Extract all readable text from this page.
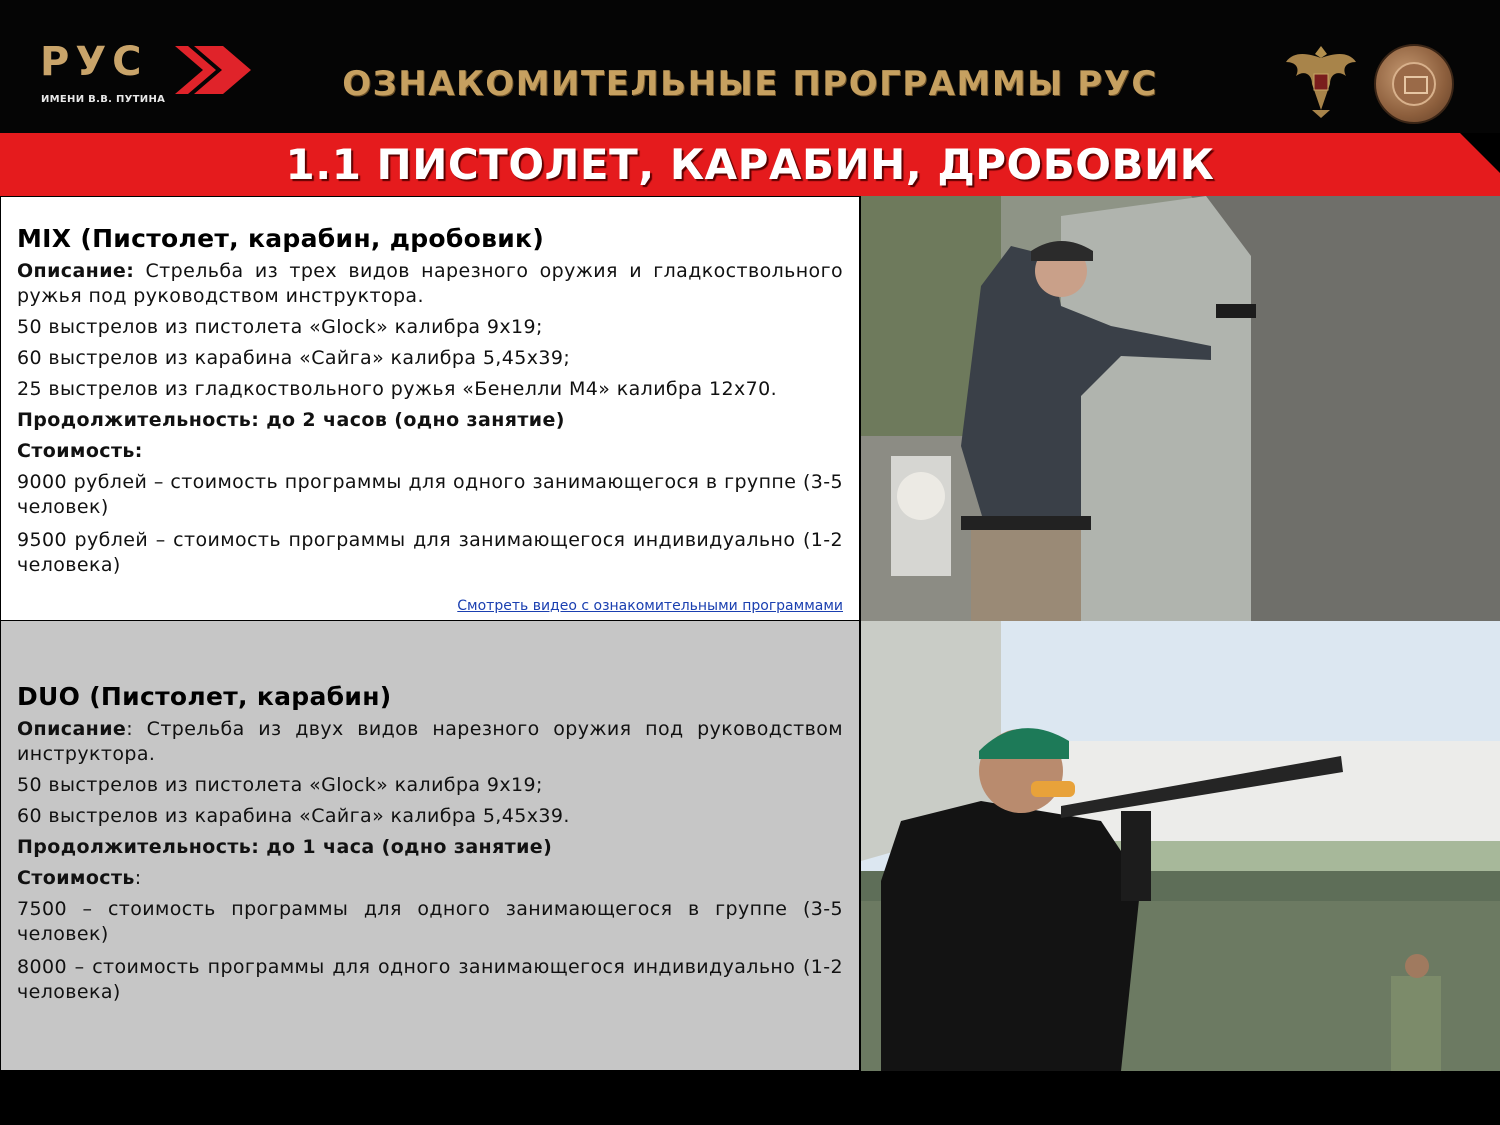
РУС
ИМЕНИ В.В. ПУТИНА	ОЗНАКОМИТЕЛЬНЫЕ ПРОГРАММЫ РУС
1.1 ПИСТОЛЕТ, КАРАБИН, ДРОБОВИК

MIX (Пистолет, карабин, дробовик)

Описание: Стрельба из трех видов нарезного оружия и гладкоствольного ружья под руководством инструктора.

50 выстрелов из пистолета «Glock» калибра 9х19;

60 выстрелов из карабина «Сайга» калибра 5,45х39;

25 выстрелов из гладкоствольного ружья «Бенелли М4» калибра 12х70.

Продолжительность: до 2 часов (одно занятие)

Стоимость:

9000 рублей – стоимость программы для одного занимающегося в группе (3-5 человек)

9500 рублей – стоимость программы для занимающегося индивидуально (1-2 человека)

Смотреть видео с ознакомительными программами

DUO (Пистолет, карабин)

Описание: Стрельба из двух видов нарезного оружия под руководством инструктора.

50 выстрелов из пистолета «Glock» калибра 9х19;

60 выстрелов из карабина «Сайга» калибра 5,45х39.

Продолжительность: до 1 часа (одно занятие)

Стоимость:

7500 – стоимость программы для одного занимающегося в группе (3-5 человек)

8000 – стоимость программы для одного занимающегося индивидуально (1-2 человека)
